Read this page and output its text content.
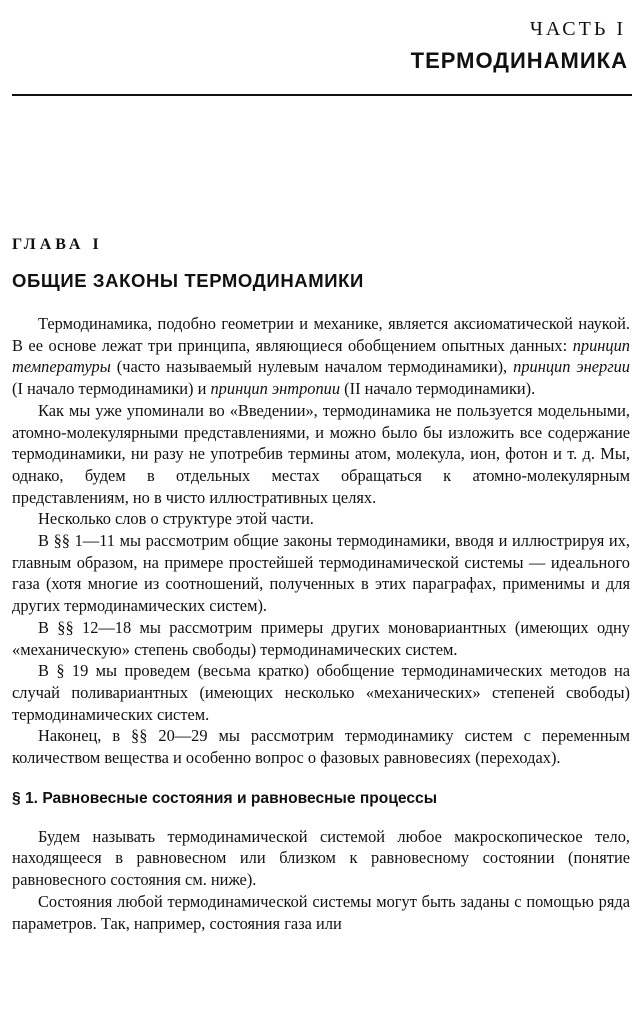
ЧАСТЬ I
ТЕРМОДИНАМИКА
ГЛАВА I
ОБЩИЕ ЗАКОНЫ ТЕРМОДИНАМИКИ

Термодинамика, подобно геометрии и механике, является аксиоматической наукой. В ее основе лежат три принципа, являющиеся обобщением опытных данных: принцип температуры (часто называемый нулевым началом термодинамики), принцип энергии (I начало термодинамики) и принцип энтропии (II начало термодинамики).

Как мы уже упоминали во «Введении», термодинамика не пользуется модельными, атомно-молекулярными представлениями, и можно было бы изложить все содержание термодинамики, ни разу не употребив термины атом, молекула, ион, фотон и т. д. Мы, однако, будем в отдельных местах обращаться к атомно-молекулярным представлениям, но в чисто иллюстративных целях.

Несколько слов о структуре этой части.

В §§ 1—11 мы рассмотрим общие законы термодинамики, вводя и иллюстрируя их, главным образом, на примере простейшей термодинамической системы — идеального газа (хотя многие из соотношений, полученных в этих параграфах, применимы и для других термодинамических систем).

В §§ 12—18 мы рассмотрим примеры других моновариантных (имеющих одну «механическую» степень свободы) термодинамических систем.

В § 19 мы проведем (весьма кратко) обобщение термодинамических методов на случай поливариантных (имеющих несколько «механических» степеней свободы) термодинамических систем.

Наконец, в §§ 20—29 мы рассмотрим термодинамику систем с переменным количеством вещества и особенно вопрос о фазовых равновесиях (переходах).

§ 1. Равновесные состояния и равновесные процессы

Будем называть термодинамической системой любое макроскопическое тело, находящееся в равновесном или близком к равновесному состоянии (понятие равновесного состояния см. ниже).

Состояния любой термодинамической системы могут быть заданы с помощью ряда параметров. Так, например, состояния газа или
